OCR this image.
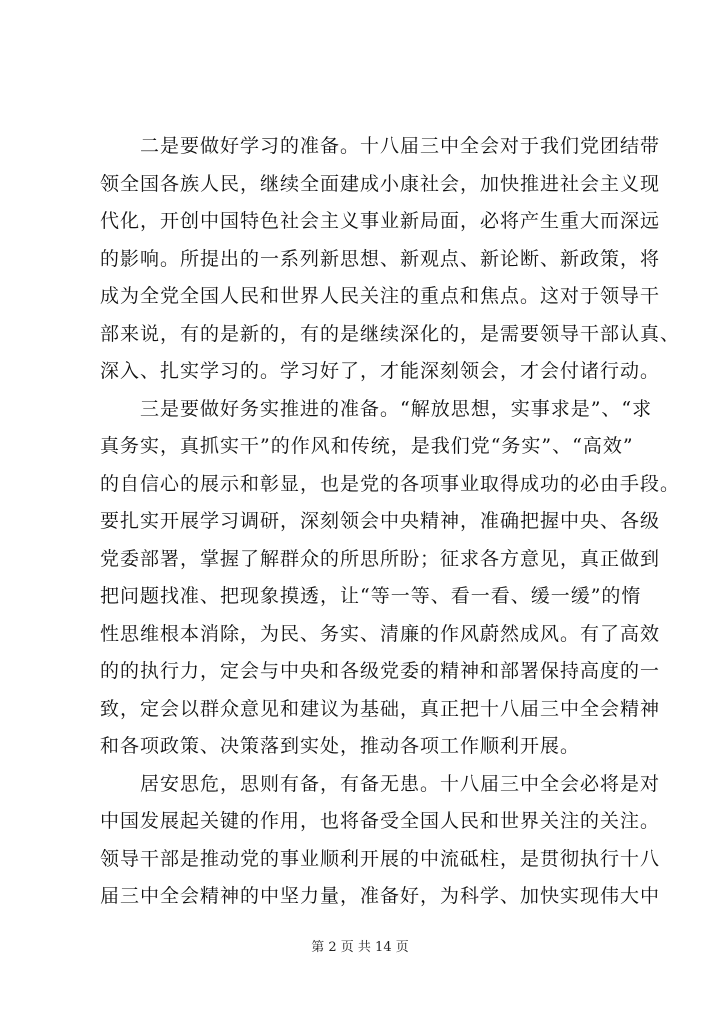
二是要做好学习的准备。十八届三中全会对于我们党团结带
领全国各族人民，继续全面建成小康社会，加快推进社会主义现
代化，开创中国特色社会主义事业新局面，必将产生重大而深远
的影响。所提出的一系列新思想、新观点、新论断、新政策，将
成为全党全国人民和世界人民关注的重点和焦点。这对于领导干
部来说，有的是新的，有的是继续深化的，是需要领导干部认真、
深入、扎实学习的。学习好了，才能深刻领会，才会付诸行动。
三是要做好务实推进的准备。“解放思想，实事求是”、“求
真务实，真抓实干”的作风和传统，是我们党“务实”、“高效”
的自信心的展示和彰显，也是党的各项事业取得成功的必由手段。
要扎实开展学习调研，深刻领会中央精神，准确把握中央、各级
党委部署，掌握了解群众的所思所盼；征求各方意见，真正做到
把问题找准、把现象摸透，让“等一等、看一看、缓一缓”的惰
性思维根本消除，为民、务实、清廉的作风蔚然成风。有了高效
的的执行力，定会与中央和各级党委的精神和部署保持高度的一
致，定会以群众意见和建议为基础，真正把十八届三中全会精神
和各项政策、决策落到实处，推动各项工作顺利开展。
居安思危，思则有备，有备无患。十八届三中全会必将是对
中国发展起关键的作用，也将备受全国人民和世界关注的关注。
领导干部是推动党的事业顺利开展的中流砥柱，是贯彻执行十八
届三中全会精神的中坚力量，准备好，为科学、加快实现伟大中
第 2 页 共 14 页
